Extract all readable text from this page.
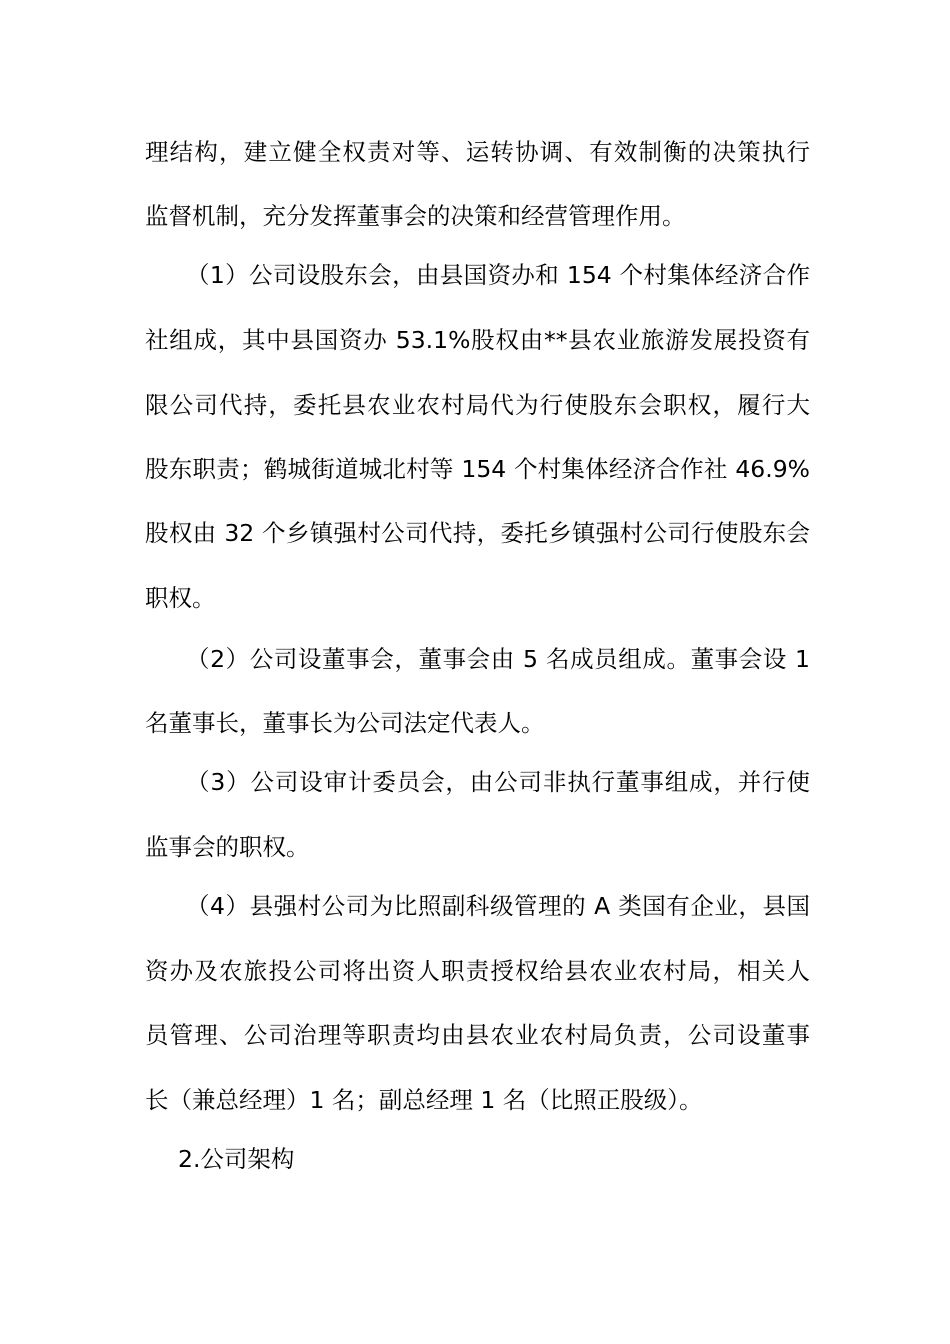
理结构，建立健全权责对等、运转协调、有效制衡的决策执行
监督机制，充分发挥董事会的决策和经营管理作用。
（1）公司设股东会，由县国资办和 154 个村集体经济合作
社组成，其中县国资办 53.1%股权由**县农业旅游发展投资有
限公司代持，委托县农业农村局代为行使股东会职权，履行大
股东职责；鹤城街道城北村等 154 个村集体经济合作社 46.9%
股权由 32 个乡镇强村公司代持，委托乡镇强村公司行使股东会
职权。
（2）公司设董事会，董事会由 5 名成员组成。董事会设 1
名董事长，董事长为公司法定代表人。
（3）公司设审计委员会，由公司非执行董事组成，并行使
监事会的职权。
（4）县强村公司为比照副科级管理的 A 类国有企业，县国
资办及农旅投公司将出资人职责授权给县农业农村局，相关人
员管理、公司治理等职责均由县农业农村局负责，公司设董事
长（兼总经理）1 名；副总经理 1 名（比照正股级）。
2.公司架构
